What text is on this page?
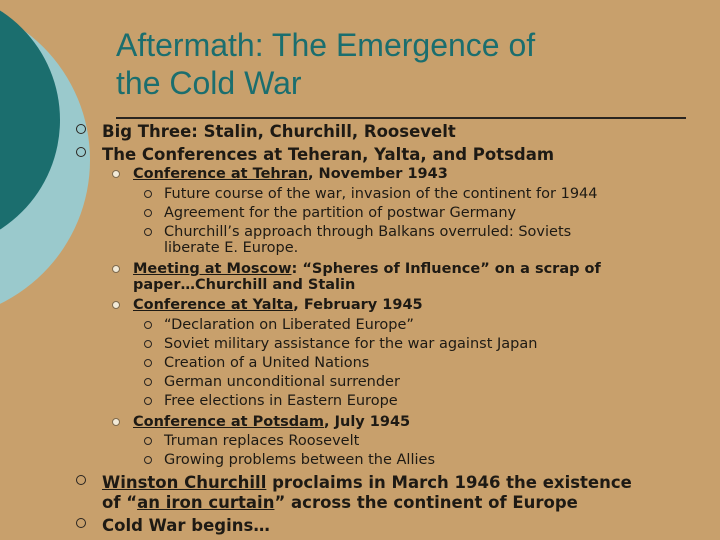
Aftermath: The Emergence of
the Cold War
Big Three: Stalin, Churchill, Roosevelt
The Conferences at Teheran, Yalta, and Potsdam
Conference at Tehran, November 1943
Future course of the war, invasion of the continent for 1944
Agreement for the partition of postwar Germany
Churchill’s approach through Balkans overruled: Soviets
liberate E. Europe.
Meeting at Moscow: “Spheres of Influence” on a scrap of
paper…Churchill and Stalin
Conference at Yalta, February 1945
“Declaration on Liberated Europe”
Soviet military assistance for the war against Japan
Creation of a United Nations
German unconditional surrender
Free elections in Eastern Europe
Conference at Potsdam, July 1945
Truman replaces Roosevelt
Growing problems between the Allies
Winston Churchill proclaims in March 1946 the existence
of “an iron curtain” across the continent of Europe
Cold War begins…
